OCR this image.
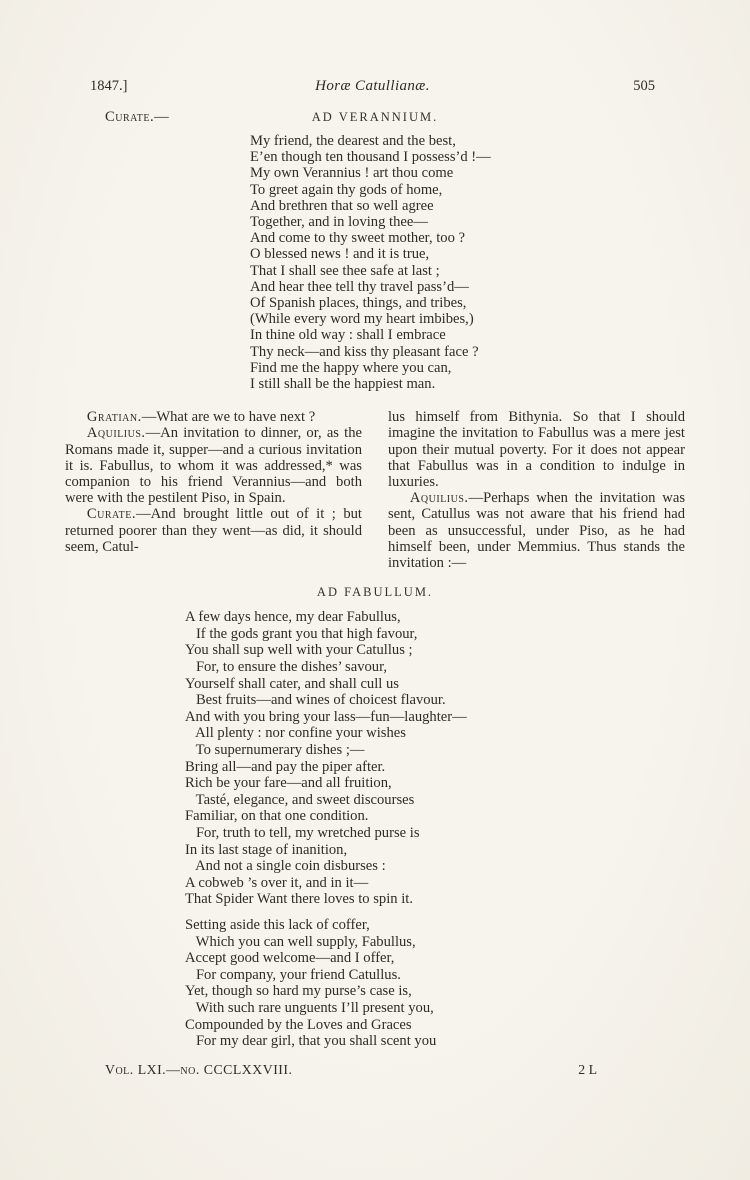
1847.]	Horæ Catullianæ.	505
Curate.—	AD VERANNIUM.
My friend, the dearest and the best,
E’en though ten thousand I possess’d !—
My own Verannius ! art thou come
To greet again thy gods of home,
And brethren that so well agree
Together, and in loving thee—
And come to thy sweet mother, too ?
O blessed news ! and it is true,
That I shall see thee safe at last ;
And hear thee tell thy travel pass’d—
Of Spanish places, things, and tribes,
(While every word my heart imbibes,)
In thine old way : shall I embrace
Thy neck—and kiss thy pleasant face ?
Find me the happy where you can,
I still shall be the happiest man.

Gratian.—What are we to have next ?

Aquilius.—An invitation to dinner, or, as the Romans made it, supper—and a curious invitation it is. Fabullus, to whom it was addressed,* was companion to his friend Verannius—and both were with the pestilent Piso, in Spain.

Curate.—And brought little out of it ; but returned poorer than they went—as did, it should seem, Catul-

lus himself from Bithynia. So that I should imagine the invitation to Fabullus was a mere jest upon their mutual poverty. For it does not appear that Fabullus was in a condition to indulge in luxuries.

Aquilius.—Perhaps when the invitation was sent, Catullus was not aware that his friend had been as unsuccessful, under Piso, as he had himself been, under Memmius. Thus stands the invitation :—

AD FABULLUM.
A few days hence, my dear Fabullus,
If the gods grant you that high favour,
You shall sup well with your Catullus ;
For, to ensure the dishes’ savour,
Yourself shall cater, and shall cull us
Best fruits—and wines of choicest flavour.
And with you bring your lass—fun—laughter—
All plenty : nor confine your wishes
To supernumerary dishes ;—
Bring all—and pay the piper after.
Rich be your fare—and all fruition,
Tasté, elegance, and sweet discourses
Familiar, on that one condition.
For, truth to tell, my wretched purse is
In its last stage of inanition,
And not a single coin disburses :
A cobweb ’s over it, and in it—
That Spider Want there loves to spin it.
Setting aside this lack of coffer,
Which you can well supply, Fabullus,
Accept good welcome—and I offer,
For company, your friend Catullus.
Yet, though so hard my purse’s case is,
With such rare unguents I’ll present you,
Compounded by the Loves and Graces
For my dear girl, that you shall scent you
Vol. LXI.—no. CCCLXXVIII.	2 L
